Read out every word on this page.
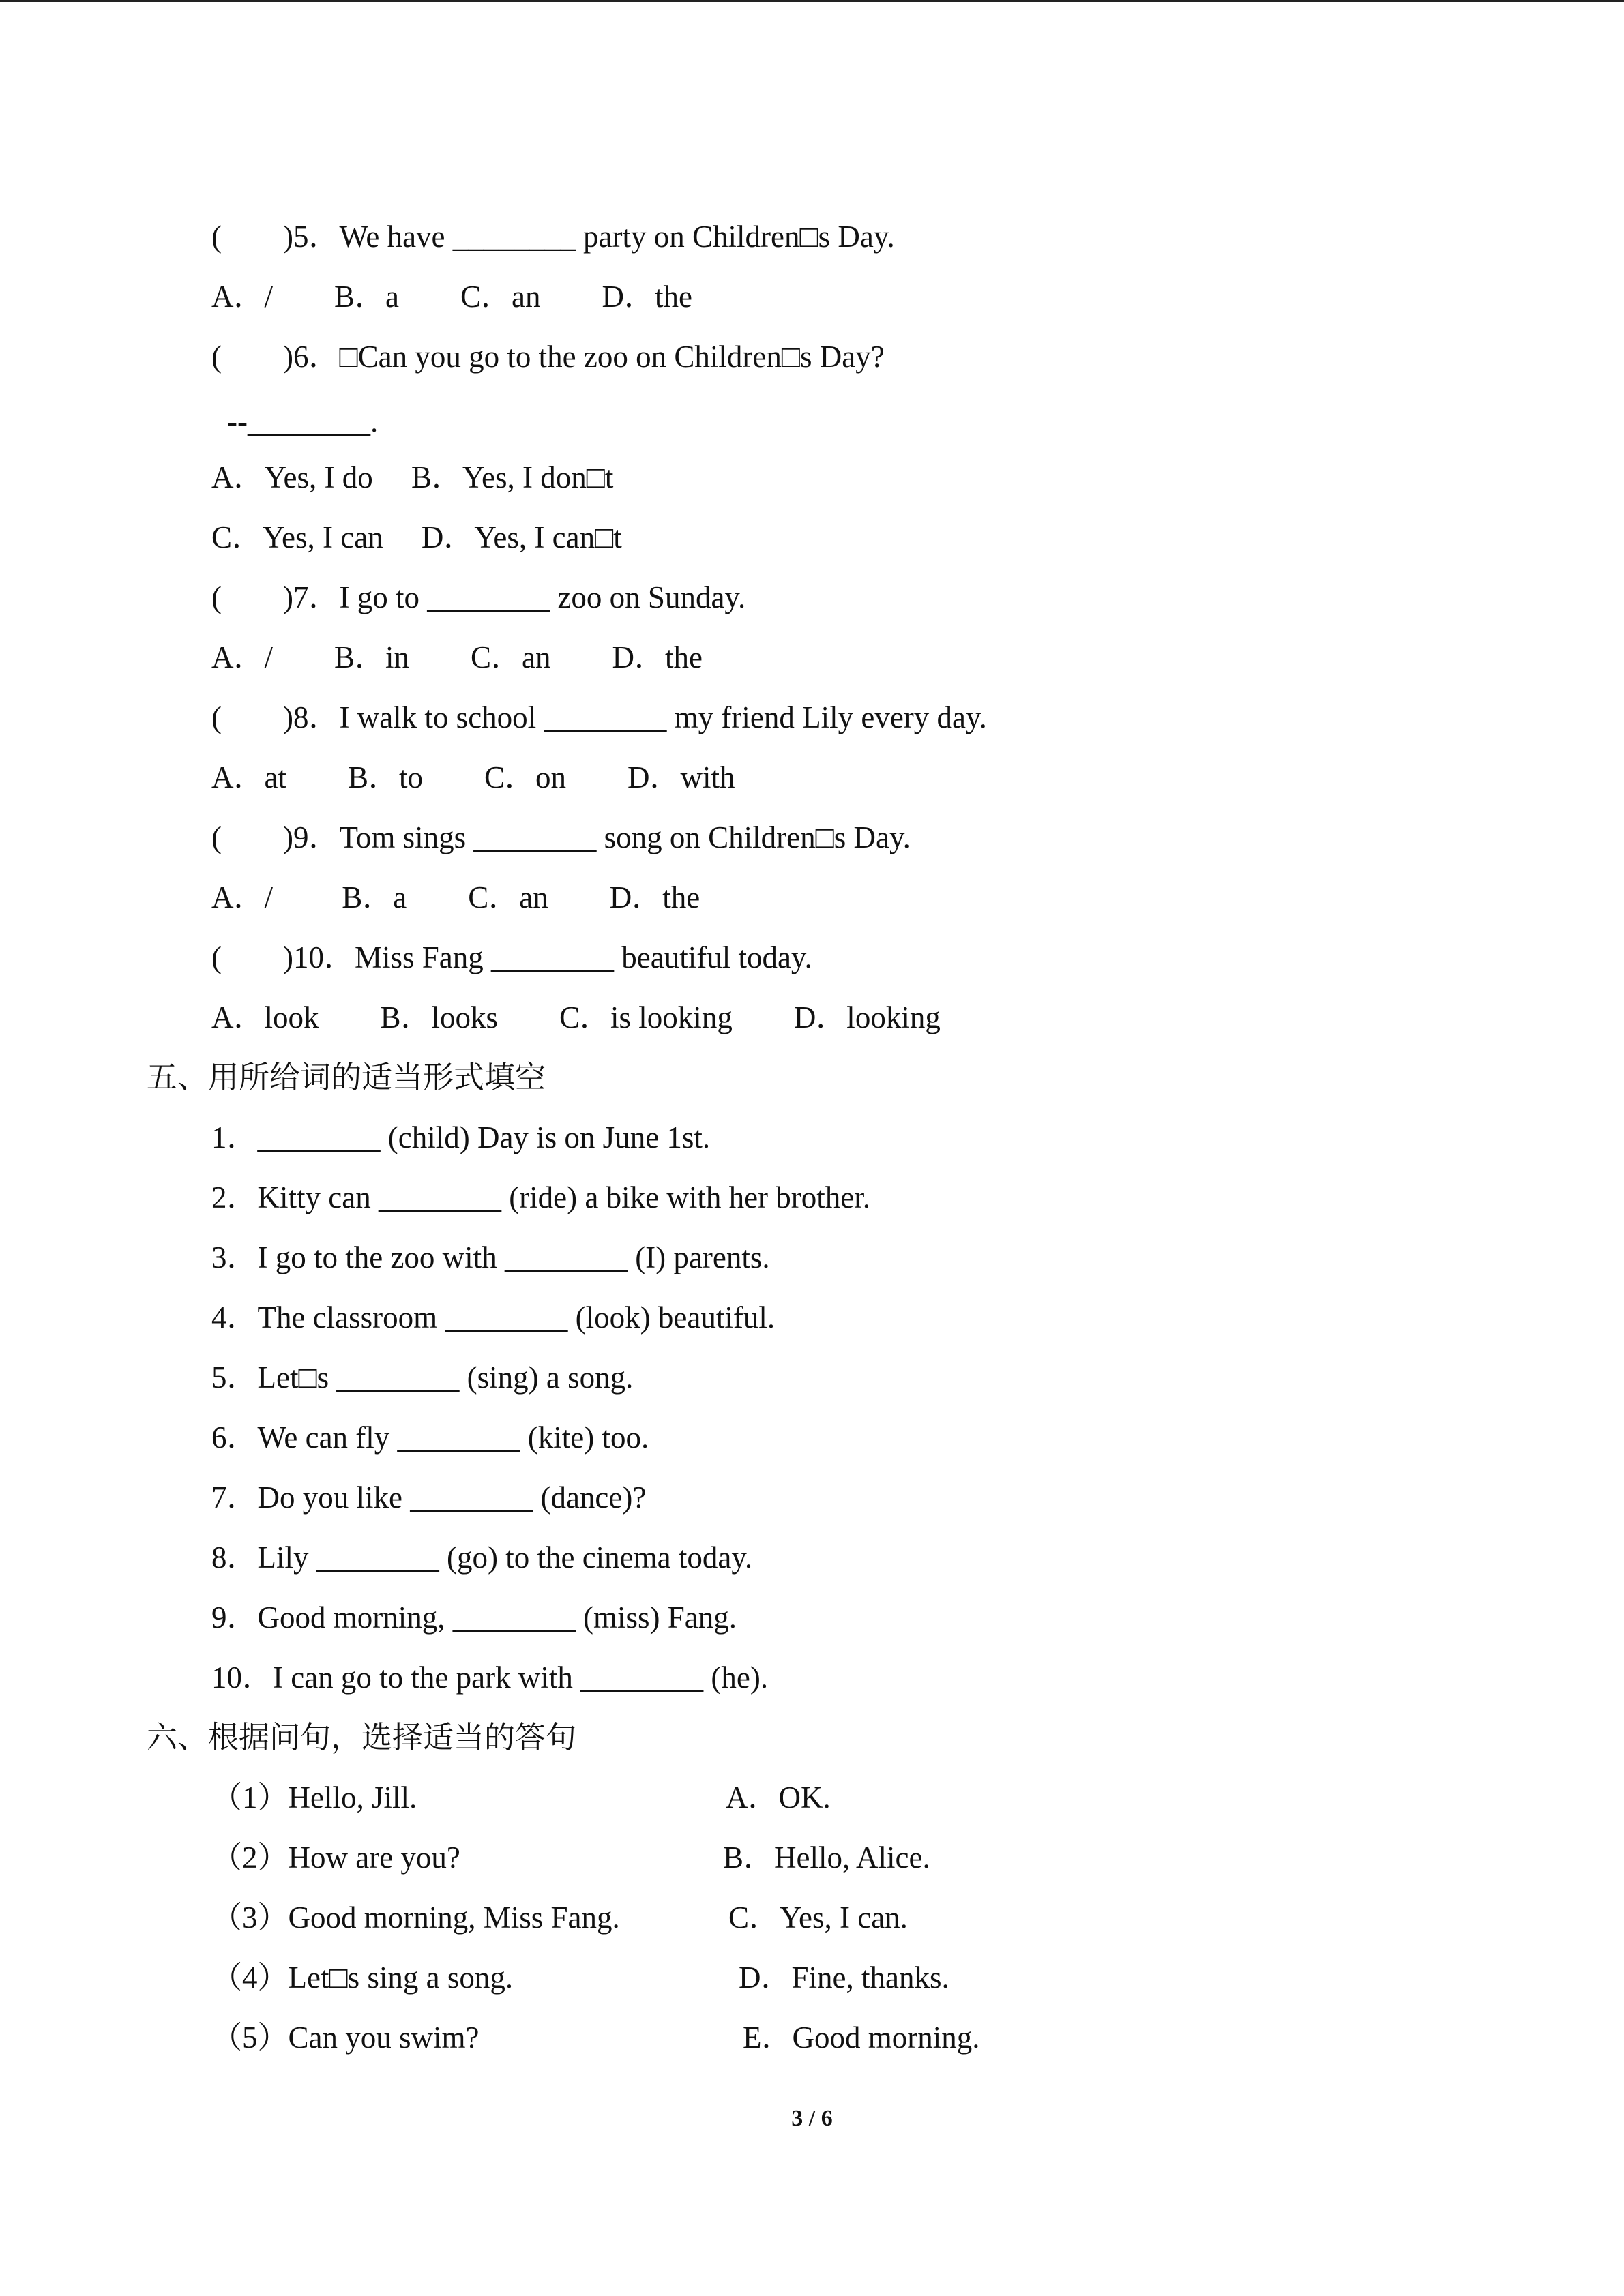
(        )5．We have ________ party on Children□s Day.
A．/        B．a        C．an        D．the
(        )6．□Can you go to the zoo on Children□s Day?
--________.
A．Yes, I do     B．Yes, I don□t
C．Yes, I can     D．Yes, I can□t
(        )7．I go to ________ zoo on Sunday.
A．/        B．in        C．an        D．the
(        )8．I walk to school ________ my friend Lily every day.
A．at        B．to        C．on        D．with
(        )9．Tom sings ________ song on Children□s Day.
A．/         B．a        C．an        D．the
(        )10．Miss Fang ________ beautiful today.
A．look        B．looks        C．is looking        D．looking
五、用所给词的适当形式填空
1．________ (child) Day is on June 1st.
2．Kitty can ________ (ride) a bike with her brother.
3．I go to the zoo with ________ (I) parents.
4．The classroom ________ (look) beautiful.
5．Let□s ________ (sing) a song.
6．We can fly ________ (kite) too.
7．Do you like ________ (dance)?
8．Lily ________ (go) to the cinema today.
9．Good morning, ________ (miss) Fang.
10．I can go to the park with ________ (he).
六、根据问句，选择适当的答句
（1）Hello, Jill.	A．OK.
（2）How are you?	B．Hello, Alice.
（3）Good morning, Miss Fang.	C．Yes, I can.
（4）Let□s sing a song.	D．Fine, thanks.
（5）Can you swim?	E．Good morning.
3 / 6
